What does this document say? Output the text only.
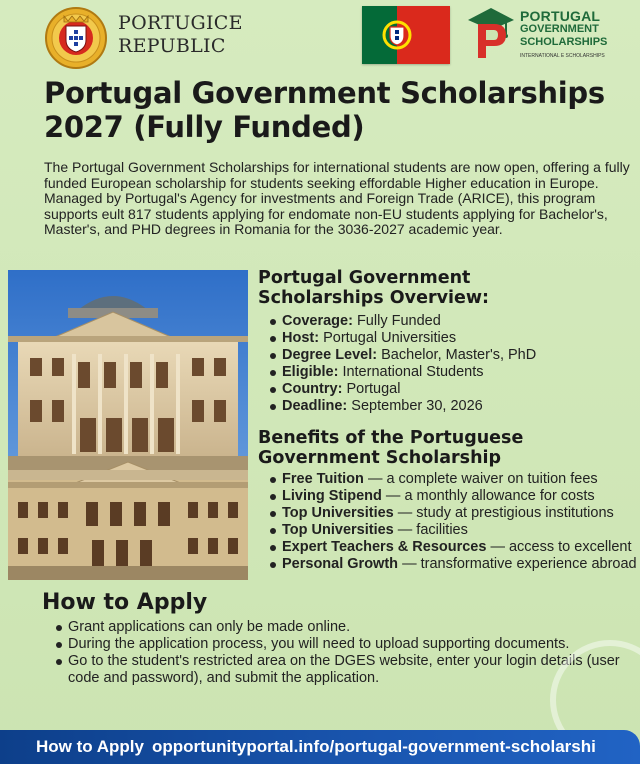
PORTUGICE
REPUBLIC
PORTUGAL
GOVERNMENT
SCHOLARSHIPS
INTERNATIONAL E SCHOLARSHIPS
Portugal Government Scholarships
2027 (Fully Funded)
The Portugal Government Scholarships for international students are now open, offering a fully funded European scholarship for students seeking effordable Higher education in Europe. Managed by Portugal's Agency for investments and Foreign Trade (ARICE), this program supports eult 817 students applying for endomate non-EU students applying for Bachelor's, Master's, and PHD degrees in Romania for the 3036-2027 academic year.
Portugal Government
Scholarships Overview:
Coverage: Fully Funded
Host: Portugal Universities
Degree Level: Bachelor, Master's, PhD
Eligible: International Students
Country: Portugal
Deadline: September 30, 2026
Benefits of the Portuguese
Government Scholarship
Free Tuition — a complete waiver on tuition fees
Living Stipend — a monthly allowance for costs
Top Universities — study at prestigious institutions
Top Universities — facilities
Expert Teachers & Resources — access to excellent
Personal Growth — transformative experience abroad
How to Apply
Grant applications can only be made online.
During the application process, you will need to upload supporting documents.
Go to the student's restricted area on the DGES website, enter your login details (user code and password), and submit the application.
How to Apply opportunityportal.info/portugal-government-scholarshi
